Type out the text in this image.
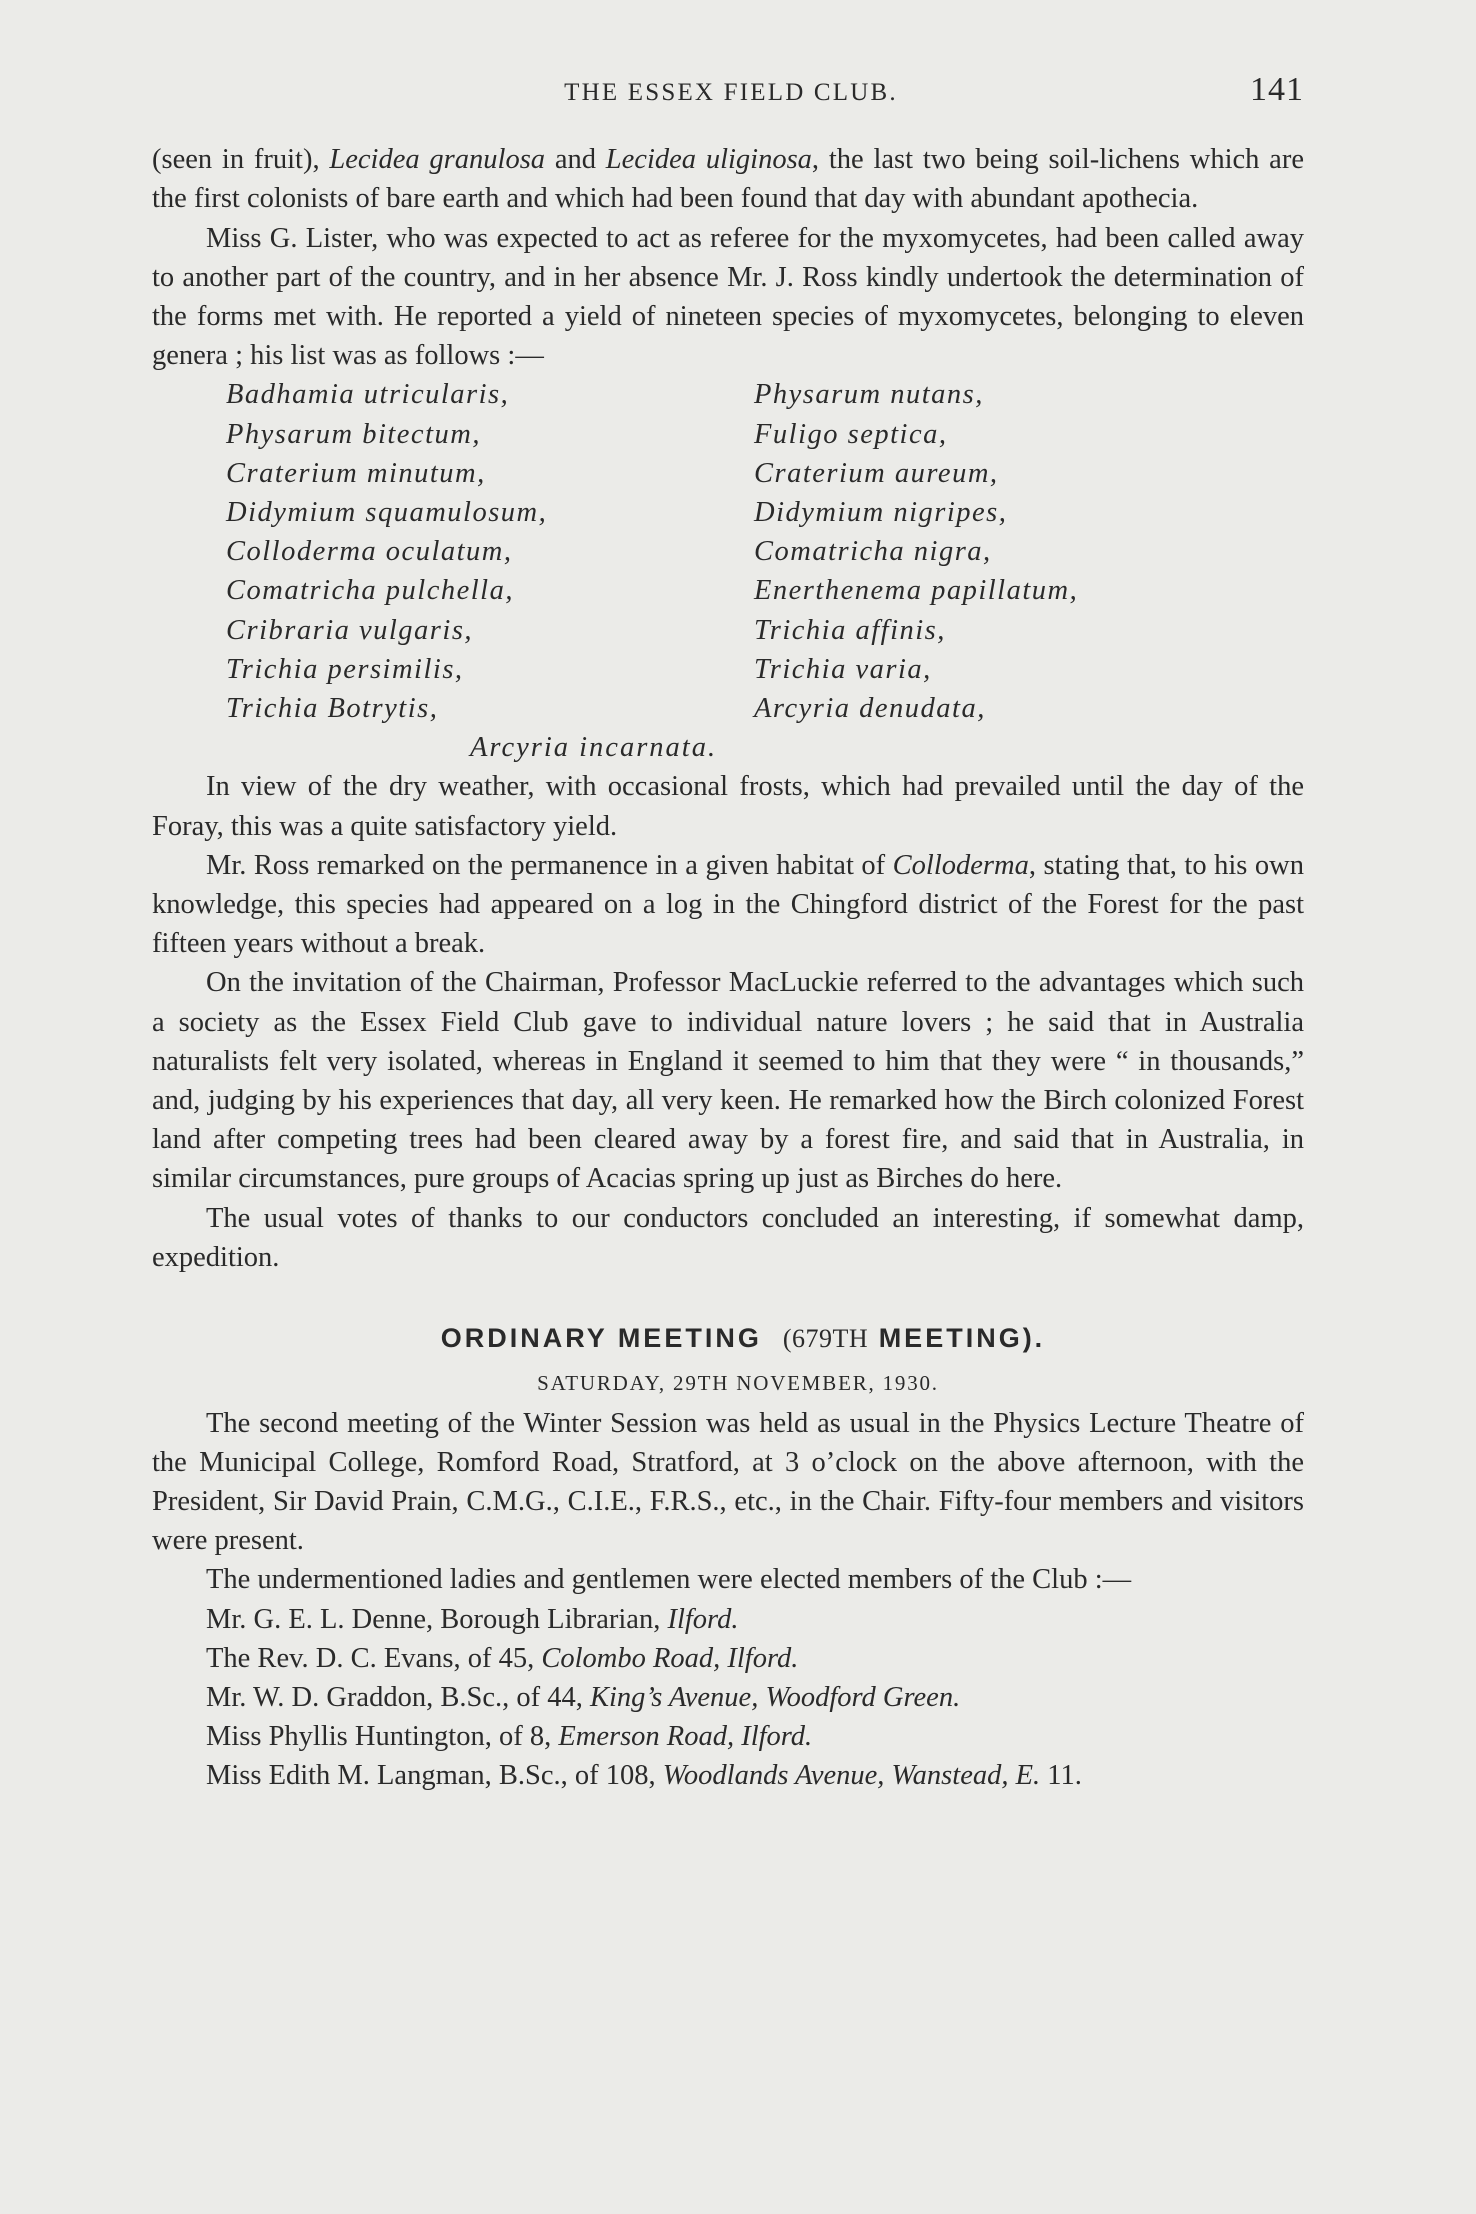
THE ESSEX FIELD CLUB.	141

(seen in fruit), Lecidea granulosa and Lecidea uliginosa, the last two being soil-lichens which are the first colonists of bare earth and which had been found that day with abundant apothecia.

Miss G. Lister, who was expected to act as referee for the myxomycetes, had been called away to another part of the country, and in her absence Mr. J. Ross kindly undertook the determination of the forms met with. He reported a yield of nineteen species of myxomycetes, belonging to eleven genera ; his list was as follows :—

Badhamia utricularis,	Physarum nutans,
Physarum bitectum,	Fuligo septica,
Craterium minutum,	Craterium aureum,
Didymium squamulosum,	Didymium nigripes,
Colloderma oculatum,	Comatricha nigra,
Comatricha pulchella,	Enerthenema papillatum,
Cribraria vulgaris,	Trichia affinis,
Trichia persimilis,	Trichia varia,
Trichia Botrytis,	Arcyria denudata,
Arcyria incarnata.

In view of the dry weather, with occasional frosts, which had prevailed until the day of the Foray, this was a quite satisfactory yield.

Mr. Ross remarked on the permanence in a given habitat of Colloderma, stating that, to his own knowledge, this species had appeared on a log in the Chingford district of the Forest for the past fifteen years without a break.

On the invitation of the Chairman, Professor MacLuckie referred to the advantages which such a society as the Essex Field Club gave to individual nature lovers ; he said that in Australia naturalists felt very isolated, whereas in England it seemed to him that they were “ in thousands,” and, judging by his experiences that day, all very keen. He remarked how the Birch colonized Forest land after competing trees had been cleared away by a forest fire, and said that in Australia, in similar circumstances, pure groups of Acacias spring up just as Birches do here.

The usual votes of thanks to our conductors concluded an interesting, if somewhat damp, expedition.

ORDINARY MEETING (679TH MEETING).
SATURDAY, 29TH NOVEMBER, 1930.

The second meeting of the Winter Session was held as usual in the Physics Lecture Theatre of the Municipal College, Romford Road, Stratford, at 3 o’clock on the above afternoon, with the President, Sir David Prain, C.M.G., C.I.E., F.R.S., etc., in the Chair. Fifty-four members and visitors were present.

The undermentioned ladies and gentlemen were elected members of the Club :—

Mr. G. E. L. Denne, Borough Librarian, Ilford.
The Rev. D. C. Evans, of 45, Colombo Road, Ilford.
Mr. W. D. Graddon, B.Sc., of 44, King’s Avenue, Woodford Green.
Miss Phyllis Huntington, of 8, Emerson Road, Ilford.

Miss Edith M. Langman, B.Sc., of 108, Woodlands Avenue, Wanstead, E. 11.
